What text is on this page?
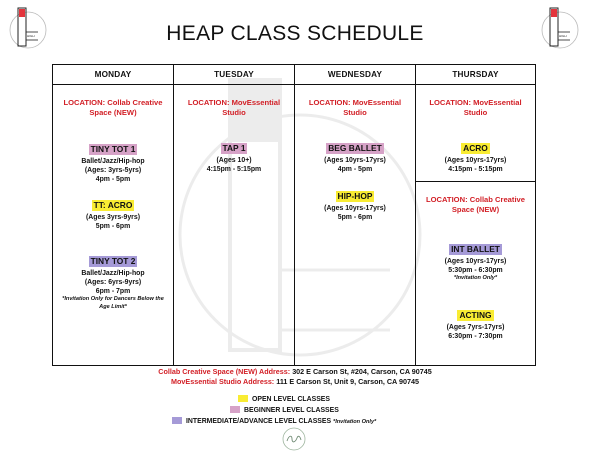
HIGH	HIGH
HEAP CLASS SCHEDULE
MONDAY
LOCATION: Collab Creative Space (NEW)
TINY TOT 1
Ballet/Jazz/Hip-hop
(Ages: 3yrs-5yrs)
4pm - 5pm
TT: ACRO
(Ages 3yrs-9yrs)
5pm - 6pm
TINY TOT 2
Ballet/Jazz/Hip-hop
(Ages: 6yrs-9yrs)
6pm - 7pm
*Invitation Only for Dancers Below the Age Limit*
TUESDAY
LOCATION: MovEssential Studio
TAP 1
(Ages 10+)
4:15pm - 5:15pm
WEDNESDAY
LOCATION: MovEssential Studio
BEG BALLET
(Ages 10yrs-17yrs)
4pm - 5pm
HIP-HOP
(Ages 10yrs-17yrs)
5pm - 6pm
THURSDAY
LOCATION: MovEssential Studio
ACRO
(Ages 10yrs-17yrs)
4:15pm - 5:15pm
LOCATION: Collab Creative Space (NEW)
INT BALLET
(Ages 10yrs-17yrs)
5:30pm - 6:30pm
*Invitation Only*
ACTING
(Ages 7yrs-17yrs)
6:30pm - 7:30pm
Collab Creative Space (NEW) Address: 302 E Carson St, #204, Carson, CA 90745
MovEssential Studio Address: 111 E Carson St, Unit 9, Carson, CA 90745
OPEN LEVEL CLASSES
BEGINNER LEVEL CLASSES
INTERMEDIATE/ADVANCE LEVEL CLASSES *Invitation Only*
